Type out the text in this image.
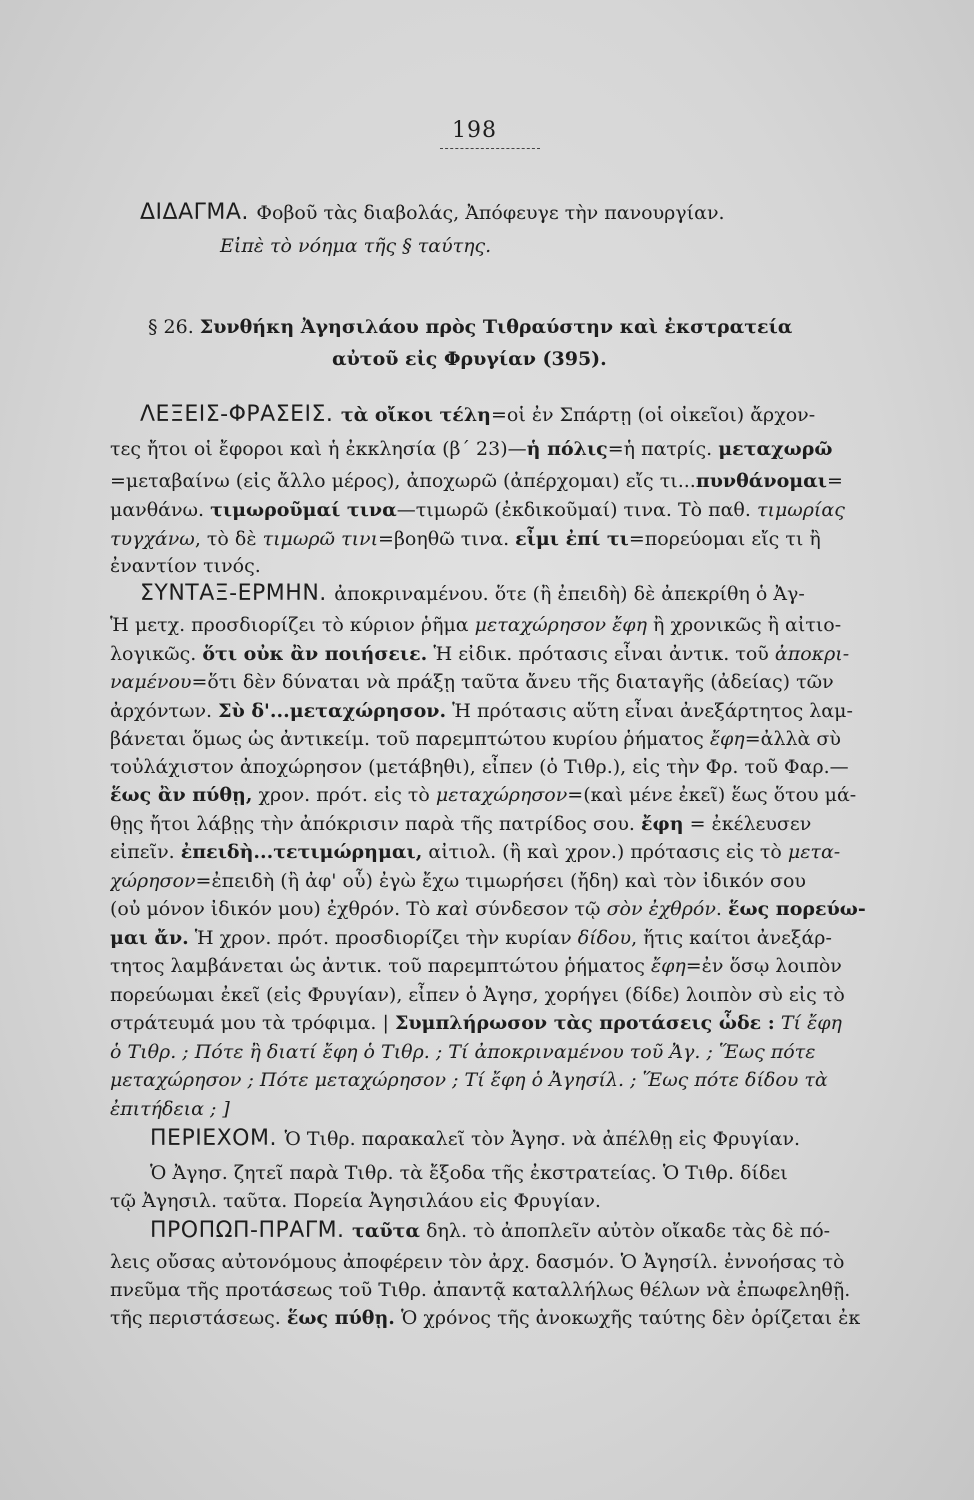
198
ΔΙΔΑΓΜΑ. Φοβοῦ τὰς διαβολάς, Ἀπόφευγε τὴν πανουργίαν.
Εἰπὲ τὸ νόημα τῆς § ταύτης.
§ 26. Συνθήκη Ἀγησιλάου πρὸς Τιθραύστην καὶ ἐκστρατεία
αὐτοῦ εἰς Φρυγίαν (395).
ΛΕΞΕΙΣ-ΦΡΑΣΕΙΣ. τὰ οἴκοι τέλη=οἱ ἐν Σπάρτῃ (οἱ οἰκεῖοι) ἄρχον-
τες ἤτοι οἱ ἔφοροι καὶ ἡ ἐκκλησία (β΄ 23)—ἡ πόλις=ἡ πατρίς. μεταχωρῶ
=μεταβαίνω (εἰς ἄλλο μέρος), ἀποχωρῶ (ἀπέρχομαι) εἴς τι...πυνθάνομαι=
μανθάνω. τιμωροῦμαί τινα—τιμωρῶ (ἐκδικοῦμαί) τινα. Τὸ παθ. τιμωρίας
τυγχάνω, τὸ δὲ τιμωρῶ τινι=βοηθῶ τινα. εἶμι ἐπί τι=πορεύομαι εἴς τι ἢ
ἐναντίον τινός.
ΣΥΝΤΑΞ-ΕΡΜΗΝ. ἀποκριναμένου. ὅτε (ἢ ἐπειδὴ) δὲ ἀπεκρίθη ὁ Ἀγ-
Ἡ μετχ. προσδιορίζει τὸ κύριον ῥῆμα μεταχώρησον ἔφη ἢ χρονικῶς ἢ αἰτιο-
λογικῶς. ὅτι οὐκ ἂν ποιήσειε. Ἡ εἰδικ. πρότασις εἶναι ἀντικ. τοῦ ἀποκρι-
ναμένου=ὅτι δὲν δύναται νὰ πράξῃ ταῦτα ἄνευ τῆς διαταγῆς (ἀδείας) τῶν
ἀρχόντων. Σὺ δ'...μεταχώρησον. Ἡ πρότασις αὕτη εἶναι ἀνεξάρτητος λαμ-
βάνεται ὅμως ὡς ἀντικείμ. τοῦ παρεμπτώτου κυρίου ῥήματος ἔφη=ἀλλὰ σὺ
τοὐλάχιστον ἀποχώρησον (μετάβηθι), εἶπεν (ὁ Τιθρ.), εἰς τὴν Φρ. τοῦ Φαρ.—
ἕως ἂν πύθῃ, χρον. πρότ. εἰς τὸ μεταχώρησον=(καὶ μένε ἐκεῖ) ἕως ὅτου μά-
θῃς ἤτοι λάβῃς τὴν ἀπόκρισιν παρὰ τῆς πατρίδος σου. ἔφη = ἐκέλευσεν
εἰπεῖν. ἐπειδὴ...τετιμώρημαι, αἰτιολ. (ἢ καὶ χρον.) πρότασις εἰς τὸ μετα-
χώρησον=ἐπειδὴ (ἢ ἀφ' οὗ) ἐγὼ ἔχω τιμωρήσει (ἤδη) καὶ τὸν ἰδικόν σου
(οὐ μόνον ἰδικόν μου) ἐχθρόν. Τὸ καὶ σύνδεσον τῷ σὸν ἐχθρόν. ἕως πορεύω-
μαι ἄν. Ἡ χρον. πρότ. προσδιορίζει τὴν κυρίαν δίδου, ἥτις καίτοι ἀνεξάρ-
τητος λαμβάνεται ὡς ἀντικ. τοῦ παρεμπτώτου ῥήματος ἔφη=ἐν ὅσῳ λοιπὸν
πορεύωμαι ἐκεῖ (εἰς Φρυγίαν), εἶπεν ὁ Ἀγησ, χορήγει (δίδε) λοιπὸν σὺ εἰς τὸ
στράτευμά μου τὰ τρόφιμα. | Συμπλήρωσον τὰς προτάσεις ὧδε : Τί ἔφη
ὁ Τιθρ. ; Πότε ἢ διατί ἔφη ὁ Τιθρ. ; Τί ἀποκριναμένου τοῦ Ἀγ. ; Ἕως πότε
μεταχώρησον ; Πότε μεταχώρησον ; Τί ἔφη ὁ Ἀγησίλ. ; Ἕως πότε δίδου τὰ
ἐπιτήδεια ; ]
ΠΕΡΙΕΧΟΜ. Ὁ Τιθρ. παρακαλεῖ τὸν Ἀγησ. νὰ ἀπέλθῃ εἰς Φρυγίαν.
Ὁ Ἀγησ. ζητεῖ παρὰ Τιθρ. τὰ ἔξοδα τῆς ἐκστρατείας. Ὁ Τιθρ. δίδει
τῷ Ἀγησιλ. ταῦτα. Πορεία Ἀγησιλάου εἰς Φρυγίαν.
ΠΡΟΠΩΠ-ΠΡΑΓΜ. ταῦτα δηλ. τὸ ἀποπλεῖν αὐτὸν οἴκαδε τὰς δὲ πό-
λεις οὔσας αὐτονόμους ἀποφέρειν τὸν ἀρχ. δασμόν. Ὁ Ἀγησίλ. ἐννοήσας τὸ
πνεῦμα τῆς προτάσεως τοῦ Τιθρ. ἀπαντᾷ καταλλήλως θέλων νὰ ἐπωφεληθῇ.
τῆς περιστάσεως. ἕως πύθῃ. Ὁ χρόνος τῆς ἀνοκωχῆς ταύτης δὲν ὁρίζεται ἐκ
